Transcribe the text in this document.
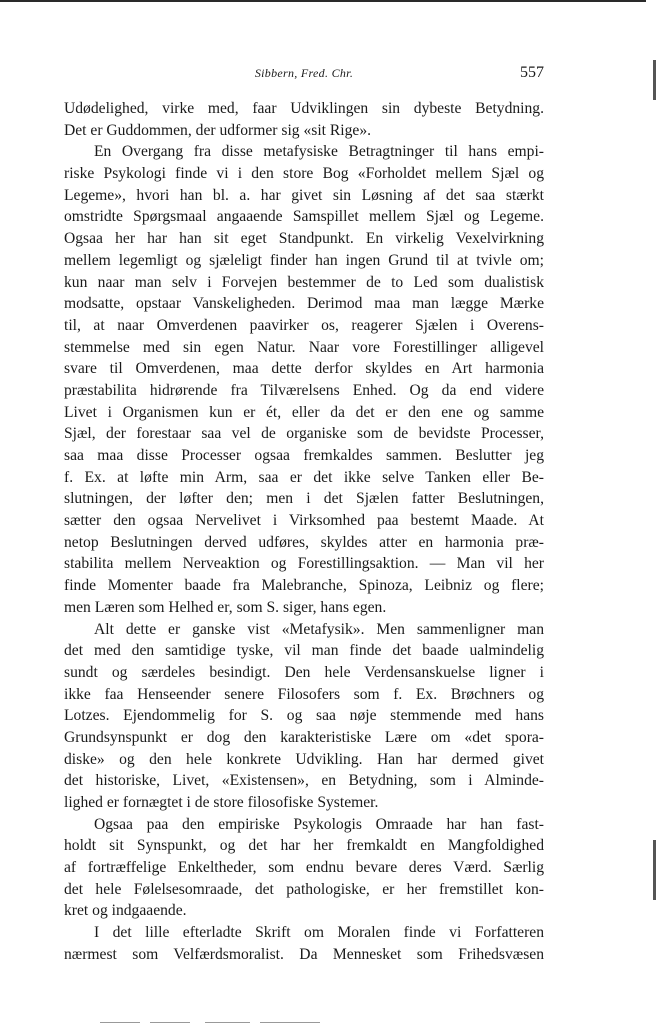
Sibbern, Fred. Chr.	557
Udødelighed, virke med, faar Udviklingen sin dybeste Betydning.
Det er Guddommen, der udformer sig «sit Rige».
En Overgang fra disse metafysiske Betragtninger til hans empi-
riske Psykologi finde vi i den store Bog «Forholdet mellem Sjæl og
Legeme», hvori han bl. a. har givet sin Løsning af det saa stærkt
omstridte Spørgsmaal angaaende Samspillet mellem Sjæl og Legeme.
Ogsaa her har han sit eget Standpunkt. En virkelig Vexelvirkning
mellem legemligt og sjæleligt finder han ingen Grund til at tvivle om;
kun naar man selv i Forvejen bestemmer de to Led som dualistisk
modsatte, opstaar Vanskeligheden. Derimod maa man lægge Mærke
til, at naar Omverdenen paavirker os, reagerer Sjælen i Overens-
stemmelse med sin egen Natur. Naar vore Forestillinger alligevel
svare til Omverdenen, maa dette derfor skyldes en Art harmonia
præstabilita hidrørende fra Tilværelsens Enhed. Og da end videre
Livet i Organismen kun er ét, eller da det er den ene og samme
Sjæl, der forestaar saa vel de organiske som de bevidste Processer,
saa maa disse Processer ogsaa fremkaldes sammen. Beslutter jeg
f. Ex. at løfte min Arm, saa er det ikke selve Tanken eller Be-
slutningen, der løfter den; men i det Sjælen fatter Beslutningen,
sætter den ogsaa Nervelivet i Virksomhed paa bestemt Maade. At
netop Beslutningen derved udføres, skyldes atter en harmonia præ-
stabilita mellem Nerveaktion og Forestillingsaktion. — Man vil her
finde Momenter baade fra Malebranche, Spinoza, Leibniz og flere;
men Læren som Helhed er, som S. siger, hans egen.
Alt dette er ganske vist «Metafysik». Men sammenligner man
det med den samtidige tyske, vil man finde det baade ualmindelig
sundt og særdeles besindigt. Den hele Verdensanskuelse ligner i
ikke faa Henseender senere Filosofers som f. Ex. Brøchners og
Lotzes. Ejendommelig for S. og saa nøje stemmende med hans
Grundsynspunkt er dog den karakteristiske Lære om «det spora-
diske» og den hele konkrete Udvikling. Han har dermed givet
det historiske, Livet, «Existensen», en Betydning, som i Alminde-
lighed er fornægtet i de store filosofiske Systemer.
Ogsaa paa den empiriske Psykologis Omraade har han fast-
holdt sit Synspunkt, og det har her fremkaldt en Mangfoldighed
af fortræffelige Enkeltheder, som endnu bevare deres Værd. Særlig
det hele Følelsesomraade, det pathologiske, er her fremstillet kon-
kret og indgaaende.
I det lille efterladte Skrift om Moralen finde vi Forfatteren
nærmest som Velfærdsmoralist. Da Mennesket som Frihedsvæsen
